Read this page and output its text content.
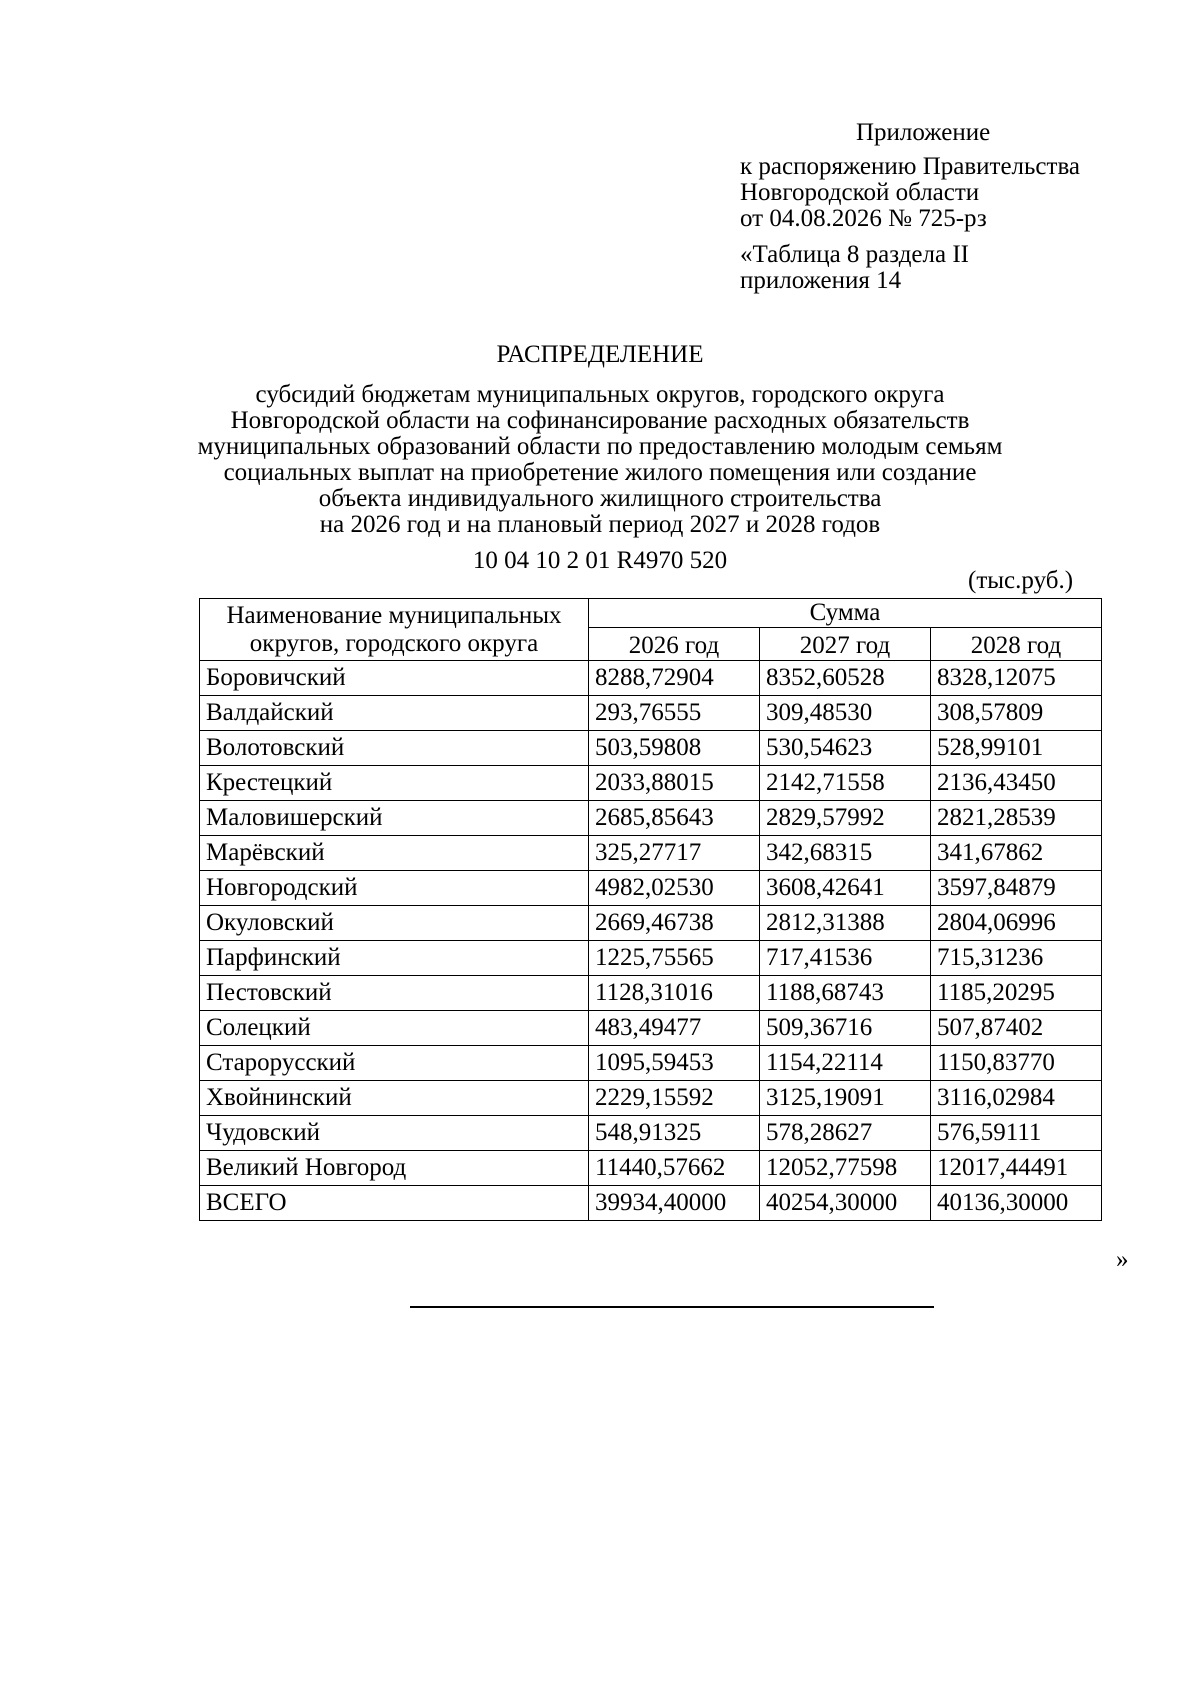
Приложение
к распоряжению Правительства
Новгородской области
от 04.08.2026 № 725-рз
«Таблица 8 раздела II
приложения 14
РАСПРЕДЕЛЕНИЕ
субсидий бюджетам муниципальных округов, городского округа
Новгородской области на софинансирование расходных обязательств
муниципальных образований области по предоставлению молодым семьям
социальных выплат на приобретение жилого помещения или создание
объекта индивидуального жилищного строительства
на 2026 год и на плановый период 2027 и 2028 годов
10 04 10 2 01 R4970 520
(тыс.руб.)
Наименование муниципальных округов, городского округа	Сумма		
	2026 год	2027 год	2028 год
Боровичский	8288,72904	8352,60528	8328,12075
Валдайский	293,76555	309,48530	308,57809
Волотовский	503,59808	530,54623	528,99101
Крестецкий	2033,88015	2142,71558	2136,43450
Маловишерский	2685,85643	2829,57992	2821,28539
Марёвский	325,27717	342,68315	341,67862
Новгородский	4982,02530	3608,42641	3597,84879
Окуловский	2669,46738	2812,31388	2804,06996
Парфинский	1225,75565	717,41536	715,31236
Пестовский	1128,31016	1188,68743	1185,20295
Солецкий	483,49477	509,36716	507,87402
Старорусский	1095,59453	1154,22114	1150,83770
Хвойнинский	2229,15592	3125,19091	3116,02984
Чудовский	548,91325	578,28627	576,59111
Великий Новгород	11440,57662	12052,77598	12017,44491
ВСЕГО	39934,40000	40254,30000	40136,30000
»
